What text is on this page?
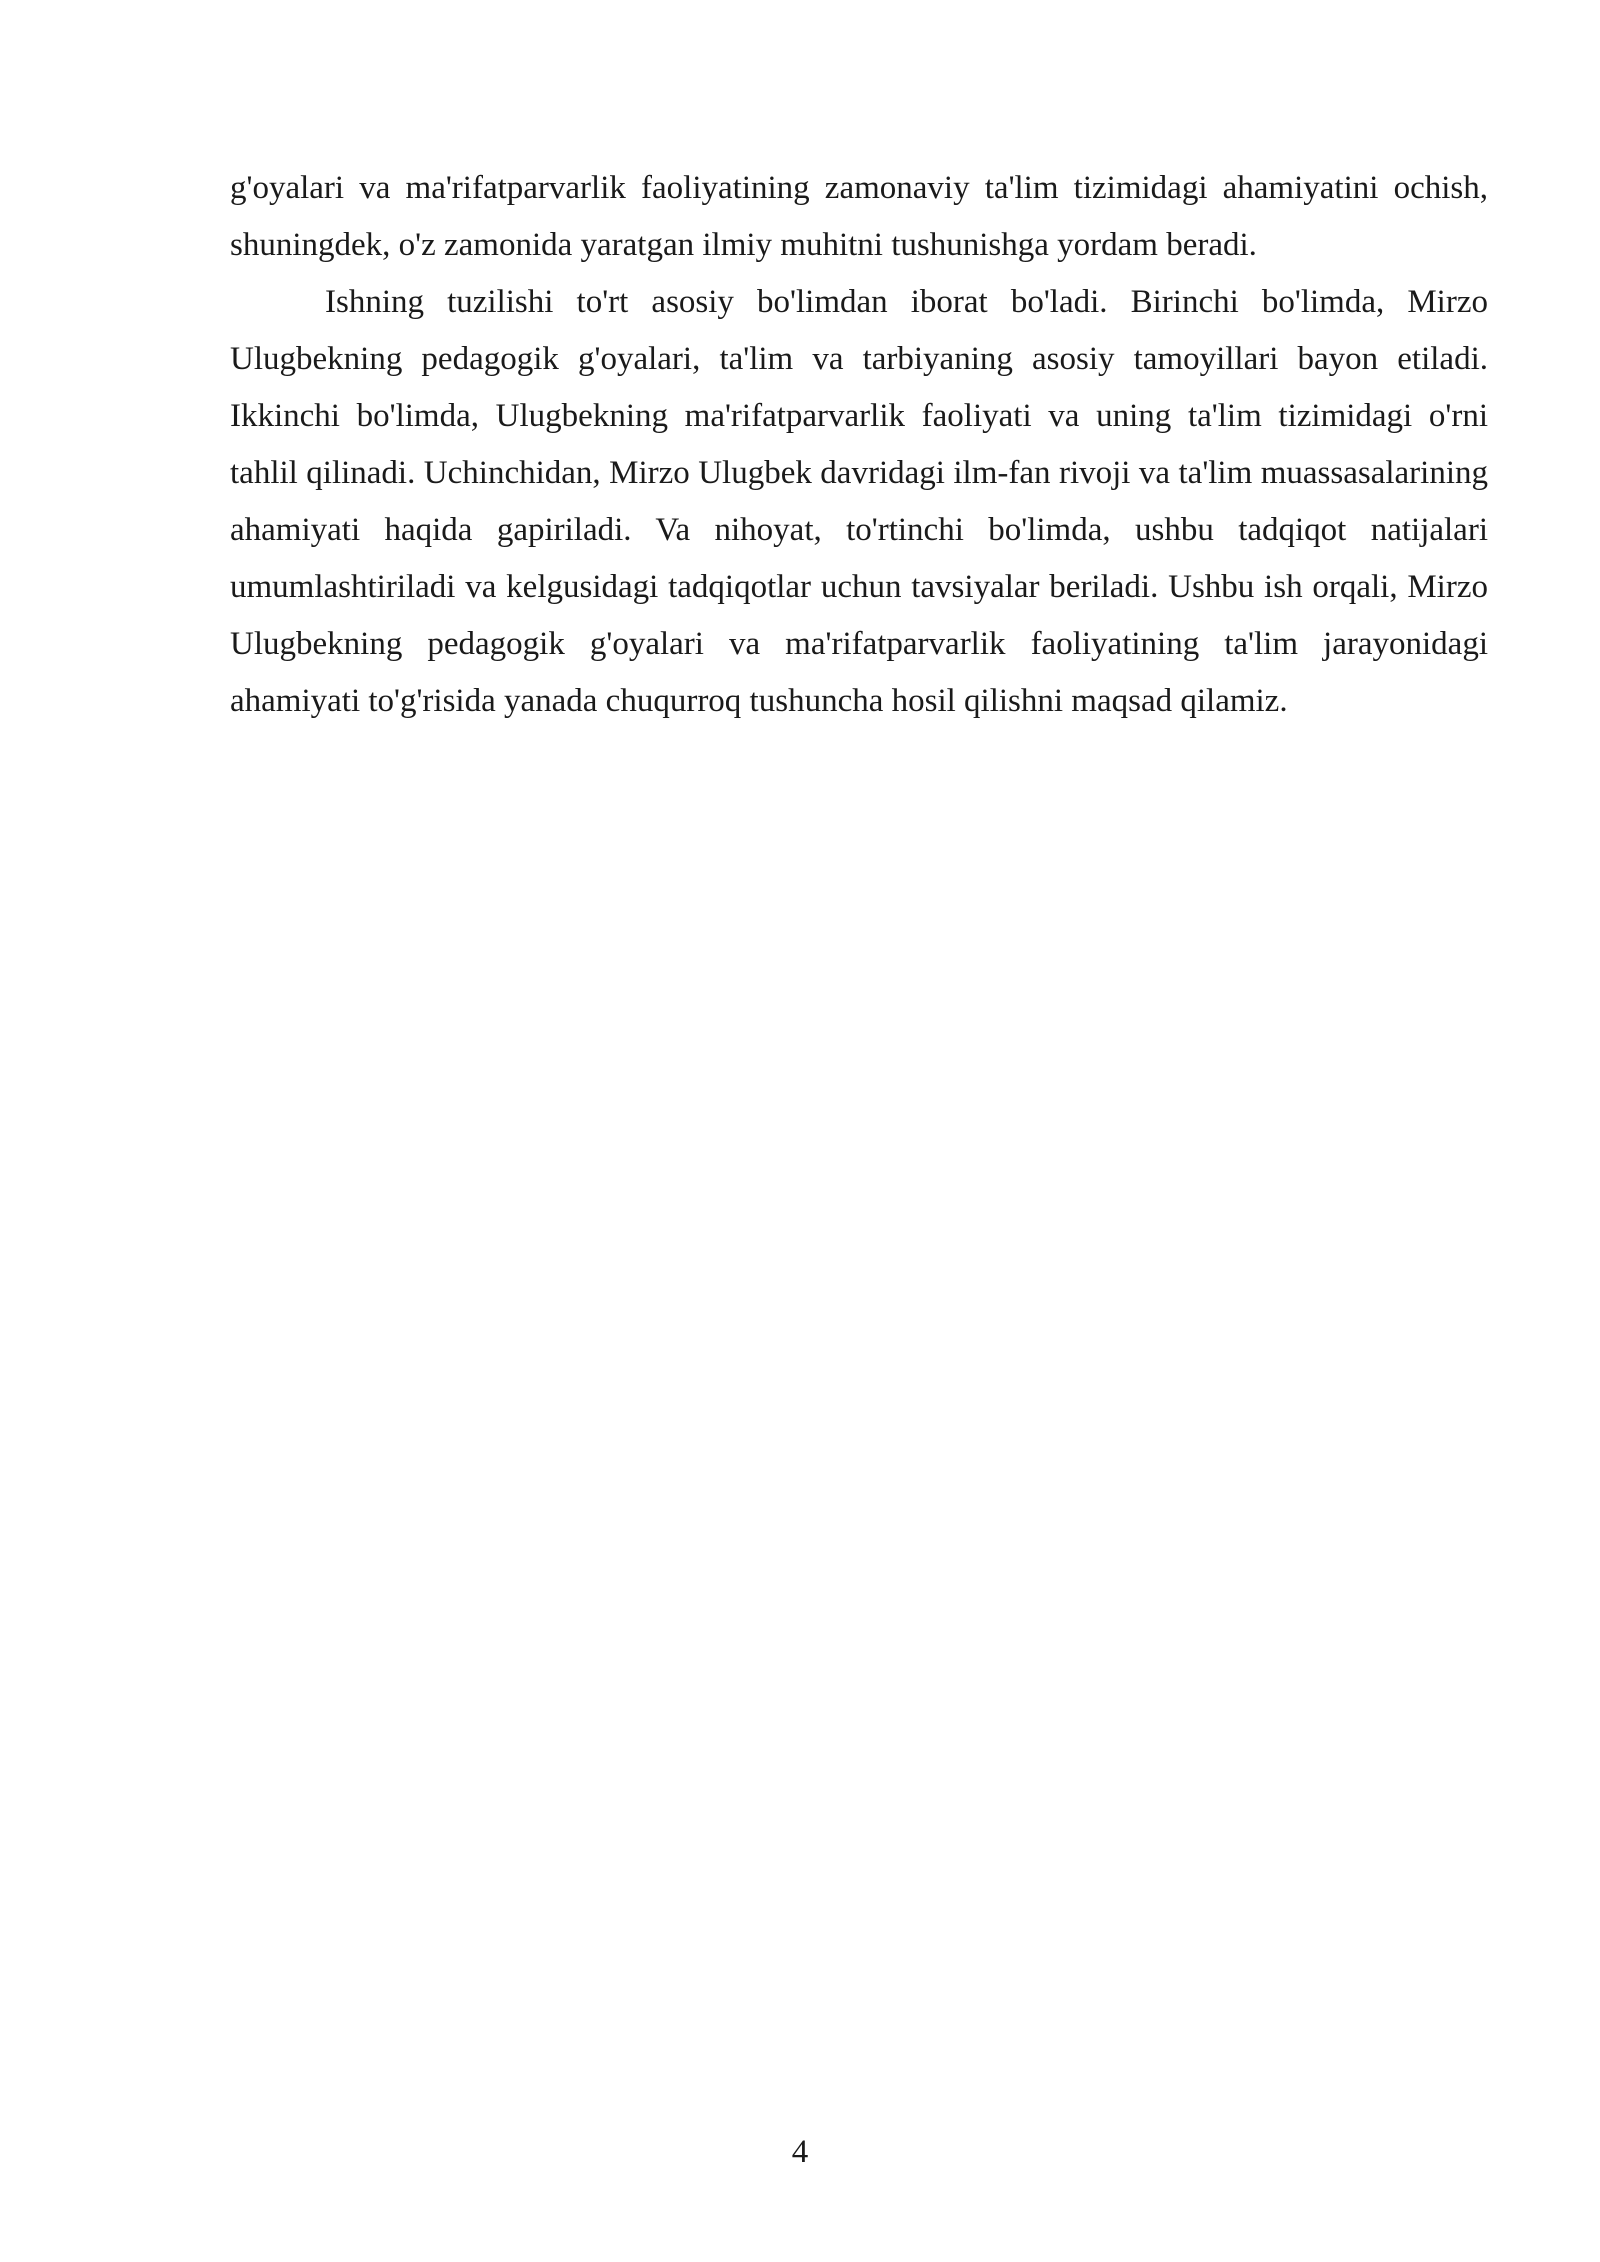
g'oyalari va ma'rifatparvarlik faoliyatining zamonaviy ta'lim tizimidagi ahamiyatini ochish, shuningdek, o'z zamonida yaratgan ilmiy muhitni tushunishga yordam beradi.

Ishning tuzilishi to'rt asosiy bo'limdan iborat bo'ladi. Birinchi bo'limda, Mirzo Ulugbekning pedagogik g'oyalari, ta'lim va tarbiyaning asosiy tamoyillari bayon etiladi. Ikkinchi bo'limda, Ulugbekning ma'rifatparvarlik faoliyati va uning ta'lim tizimidagi o'rni tahlil qilinadi. Uchinchidan, Mirzo Ulugbek davridagi ilm-fan rivoji va ta'lim muassasalarining ahamiyati haqida gapiriladi. Va nihoyat, to'rtinchi bo'limda, ushbu tadqiqot natijalari umumlashtiriladi va kelgusidagi tadqiqotlar uchun tavsiyalar beriladi. Ushbu ish orqali, Mirzo Ulugbekning pedagogik g'oyalari va ma'rifatparvarlik faoliyatining ta'lim jarayonidagi ahamiyati to'g'risida yanada chuqurroq tushuncha hosil qilishni maqsad qilamiz.

4
